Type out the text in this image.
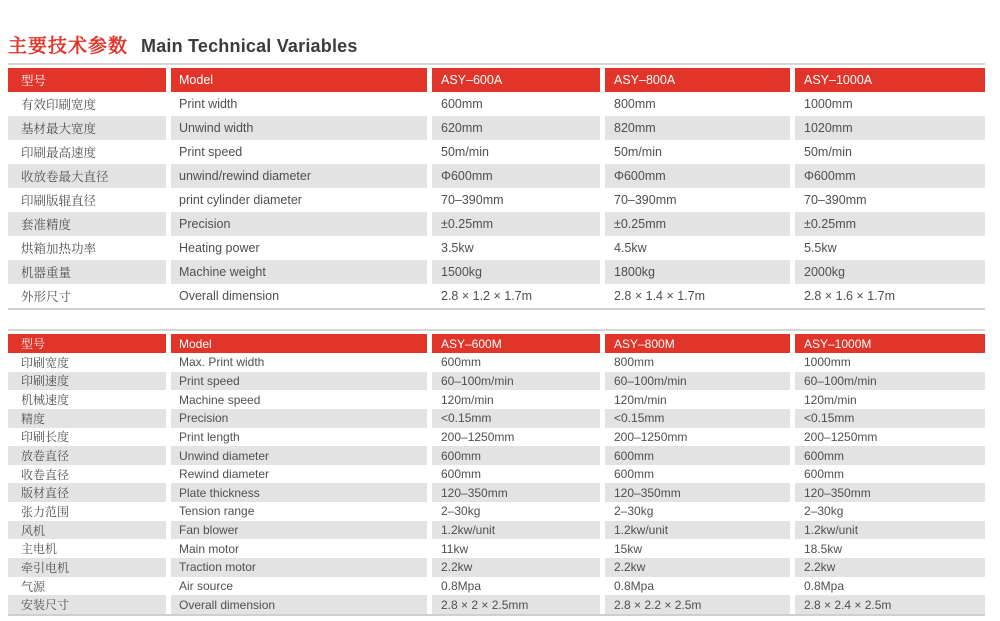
主要技术参数 Main Technical Variables
型号	Model	ASY–600A	ASY–800A	ASY–1000A
有效印刷宽度	Print width	600mm	800mm	1000mm
基材最大宽度	Unwind width	620mm	820mm	1020mm
印刷最高速度	Print speed	50m/min	50m/min	50m/min
收放卷最大直径	unwind/rewind diameter	Φ600mm	Φ600mm	Φ600mm
印刷版辊直径	print cylinder diameter	70–390mm	70–390mm	70–390mm
套准精度	Precision	±0.25mm	±0.25mm	±0.25mm
烘箱加热功率	Heating power	3.5kw	4.5kw	5.5kw
机器重量	Machine weight	1500kg	1800kg	2000kg
外形尺寸	Overall dimension	2.8 × 1.2 × 1.7m	2.8 × 1.4 × 1.7m	2.8 × 1.6 × 1.7m
型号	Model	ASY–600M	ASY–800M	ASY–1000M
印刷宽度	Max. Print width	600mm	800mm	1000mm
印刷速度	Print speed	60–100m/min	60–100m/min	60–100m/min
机械速度	Machine speed	120m/min	120m/min	120m/min
精度	Precision	<0.15mm	<0.15mm	<0.15mm
印刷长度	Print length	200–1250mm	200–1250mm	200–1250mm
放卷直径	Unwind diameter	600mm	600mm	600mm
收卷直径	Rewind diameter	600mm	600mm	600mm
版材直径	Plate thickness	120–350mm	120–350mm	120–350mm
张力范围	Tension range	2–30kg	2–30kg	2–30kg
风机	Fan blower	1.2kw/unit	1.2kw/unit	1.2kw/unit
主电机	Main motor	11kw	15kw	18.5kw
牵引电机	Traction motor	2.2kw	2.2kw	2.2kw
气源	Air source	0.8Mpa	0.8Mpa	0.8Mpa
安装尺寸	Overall dimension	2.8 × 2 × 2.5mm	2.8 × 2.2 × 2.5m	2.8 × 2.4 × 2.5m
